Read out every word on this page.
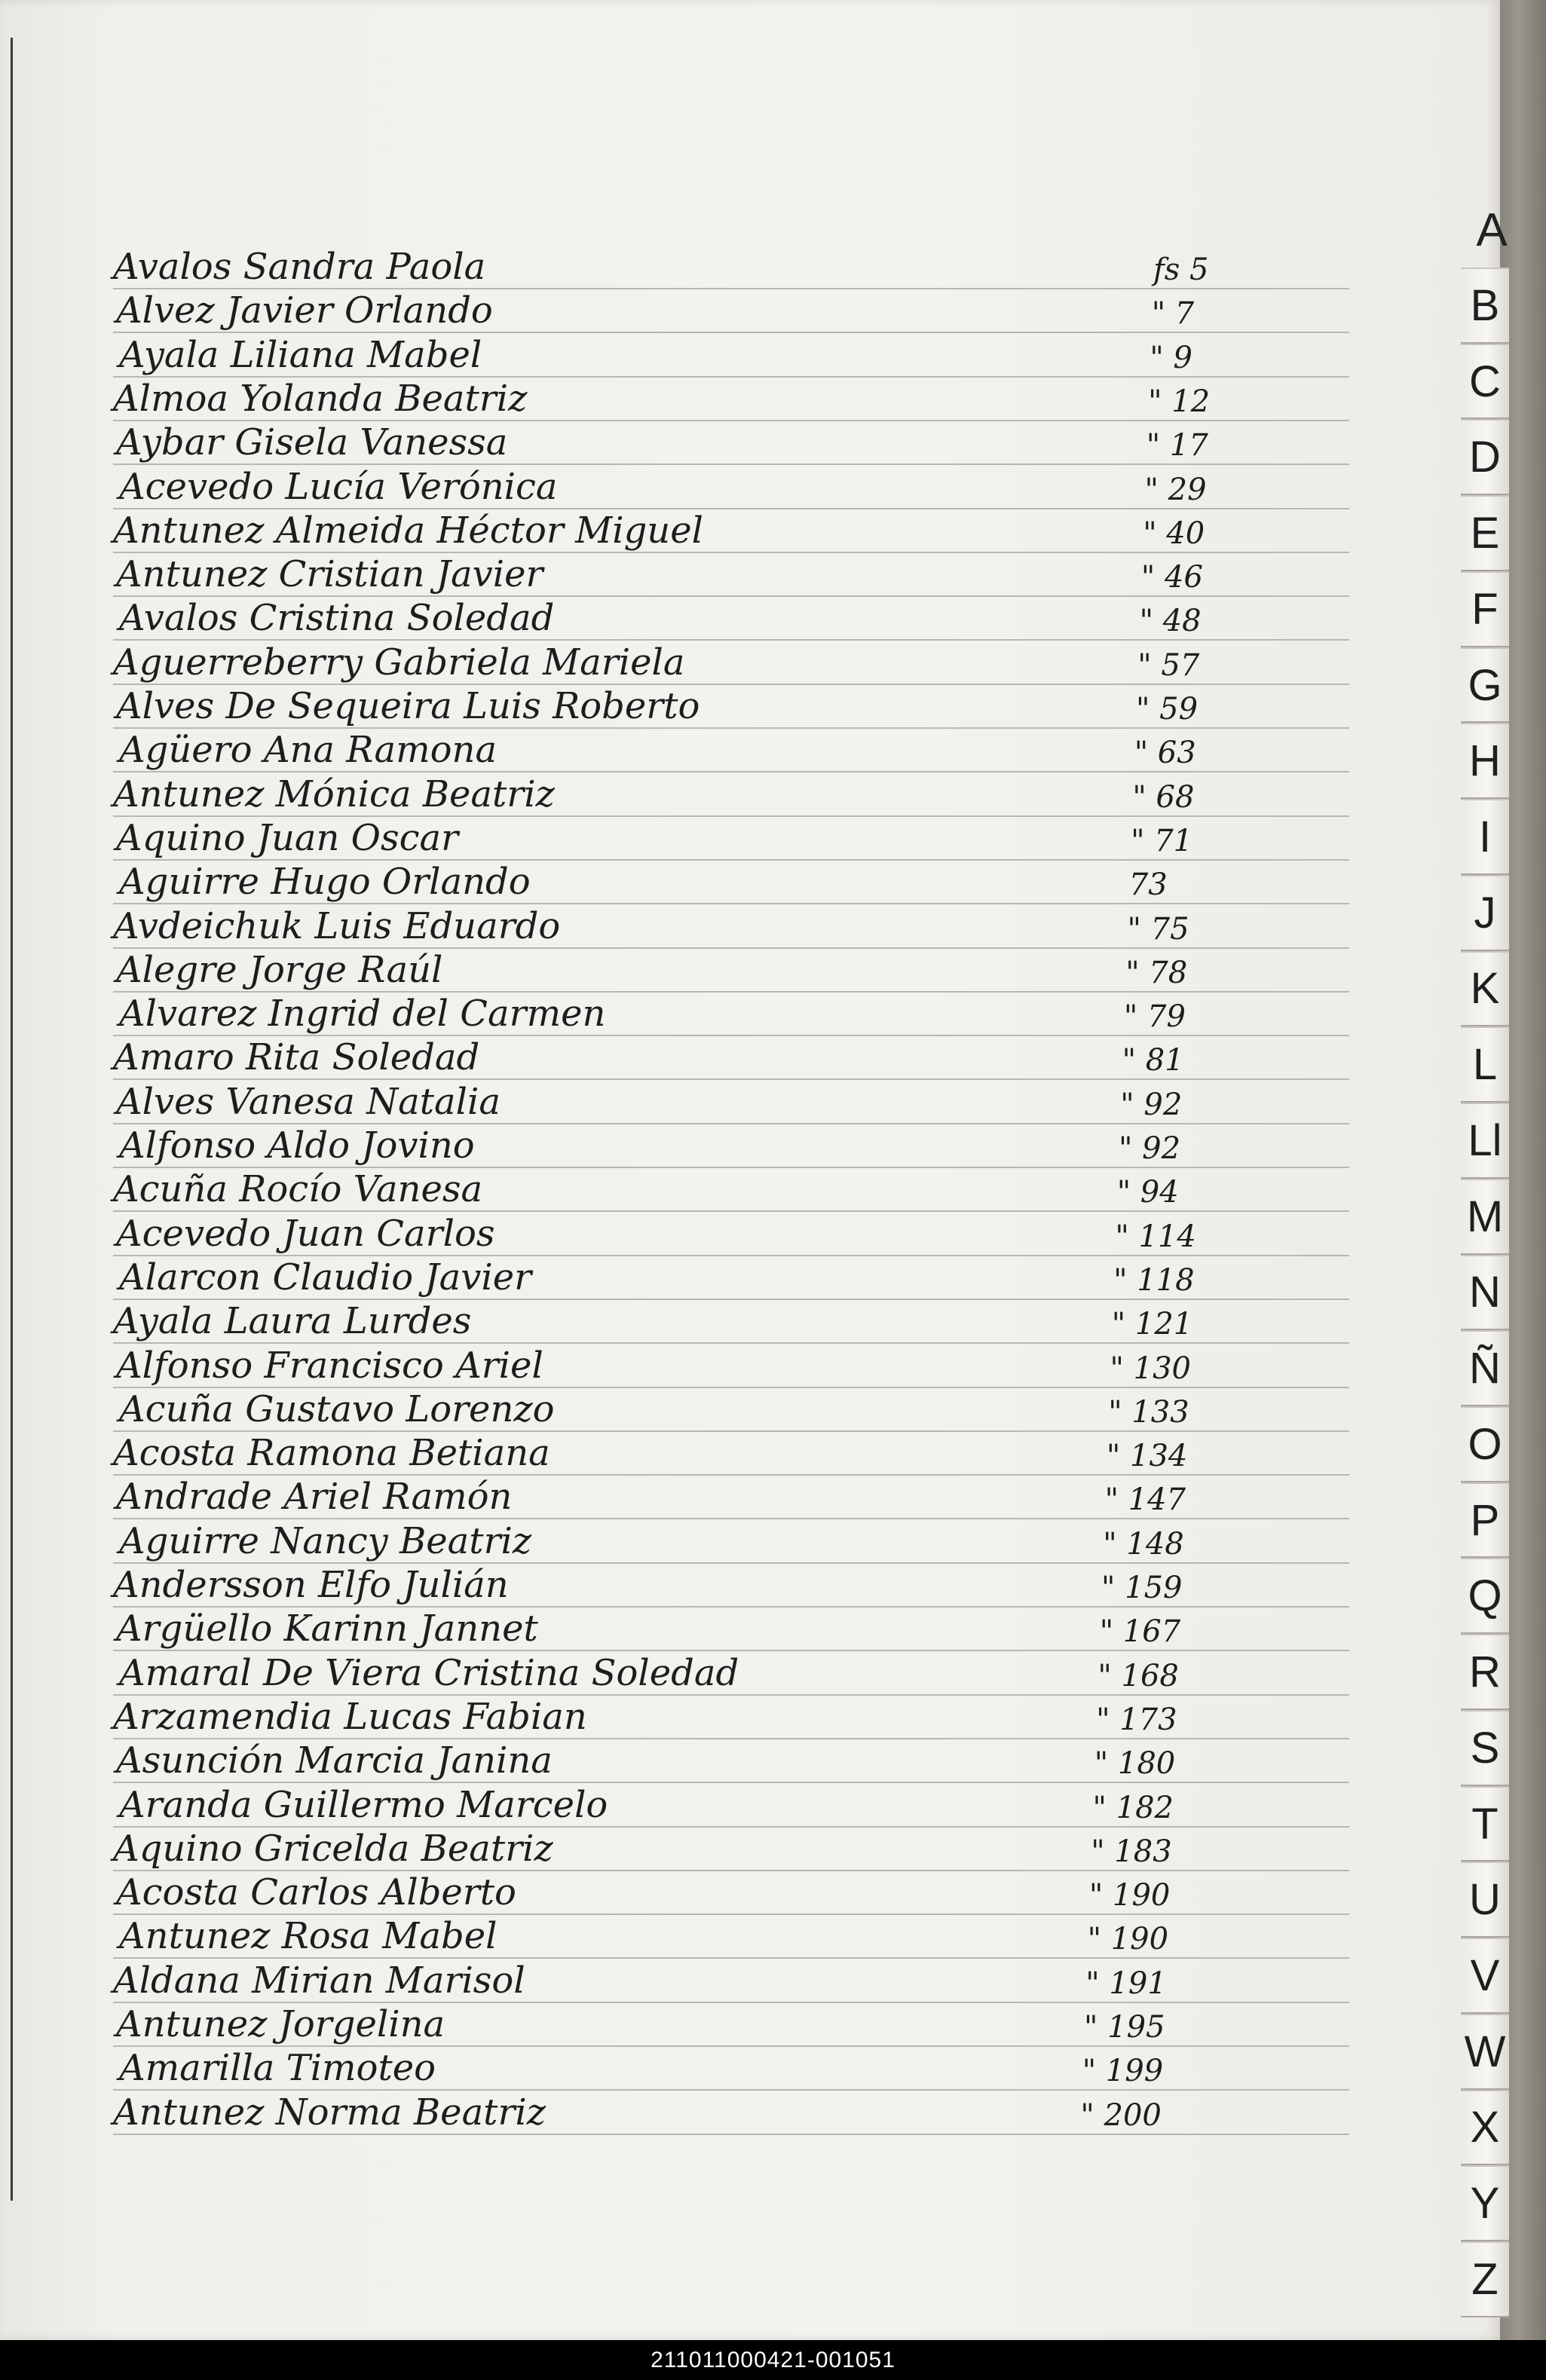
Avalos Sandra Paola	fs 5
Alvez Javier Orlando	" 7
Ayala Liliana Mabel	" 9
Almoa Yolanda Beatriz	" 12
Aybar Gisela Vanessa	" 17
Acevedo Lucía Verónica	" 29
Antunez Almeida Héctor Miguel	" 40
Antunez Cristian Javier	" 46
Avalos Cristina Soledad	" 48
Aguerreberry Gabriela Mariela	" 57
Alves De Sequeira Luis Roberto	" 59
Agüero Ana Ramona	" 63
Antunez Mónica Beatriz	" 68
Aquino Juan Oscar	" 71
Aguirre Hugo Orlando	73
Avdeichuk Luis Eduardo	" 75
Alegre Jorge Raúl	" 78
Alvarez Ingrid del Carmen	" 79
Amaro Rita Soledad	" 81
Alves Vanesa Natalia	" 92
Alfonso Aldo Jovino	" 92
Acuña Rocío Vanesa	" 94
Acevedo Juan Carlos	" 114
Alarcon Claudio Javier	" 118
Ayala Laura Lurdes	" 121
Alfonso Francisco Ariel	" 130
Acuña Gustavo Lorenzo	" 133
Acosta Ramona Betiana	" 134
Andrade Ariel Ramón	" 147
Aguirre Nancy Beatriz	" 148
Andersson Elfo Julián	" 159
Argüello Karinn Jannet	" 167
Amaral De Viera Cristina Soledad	" 168
Arzamendia Lucas Fabian	" 173
Asunción Marcia Janina	" 180
Aranda Guillermo Marcelo	" 182
Aquino Gricelda Beatriz	" 183
Acosta Carlos Alberto	" 190
Antunez Rosa Mabel	" 190
Aldana Mirian Marisol	" 191
Antunez Jorgelina	" 195
Amarilla Timoteo	" 199
Antunez Norma Beatriz	" 200
A
B
C
D
E
F
G
H
I
J
K
L
Ll
M
N
Ñ
O
P
Q
R
S
T
U
V
W
X
Y
Z
211011000421-001051
